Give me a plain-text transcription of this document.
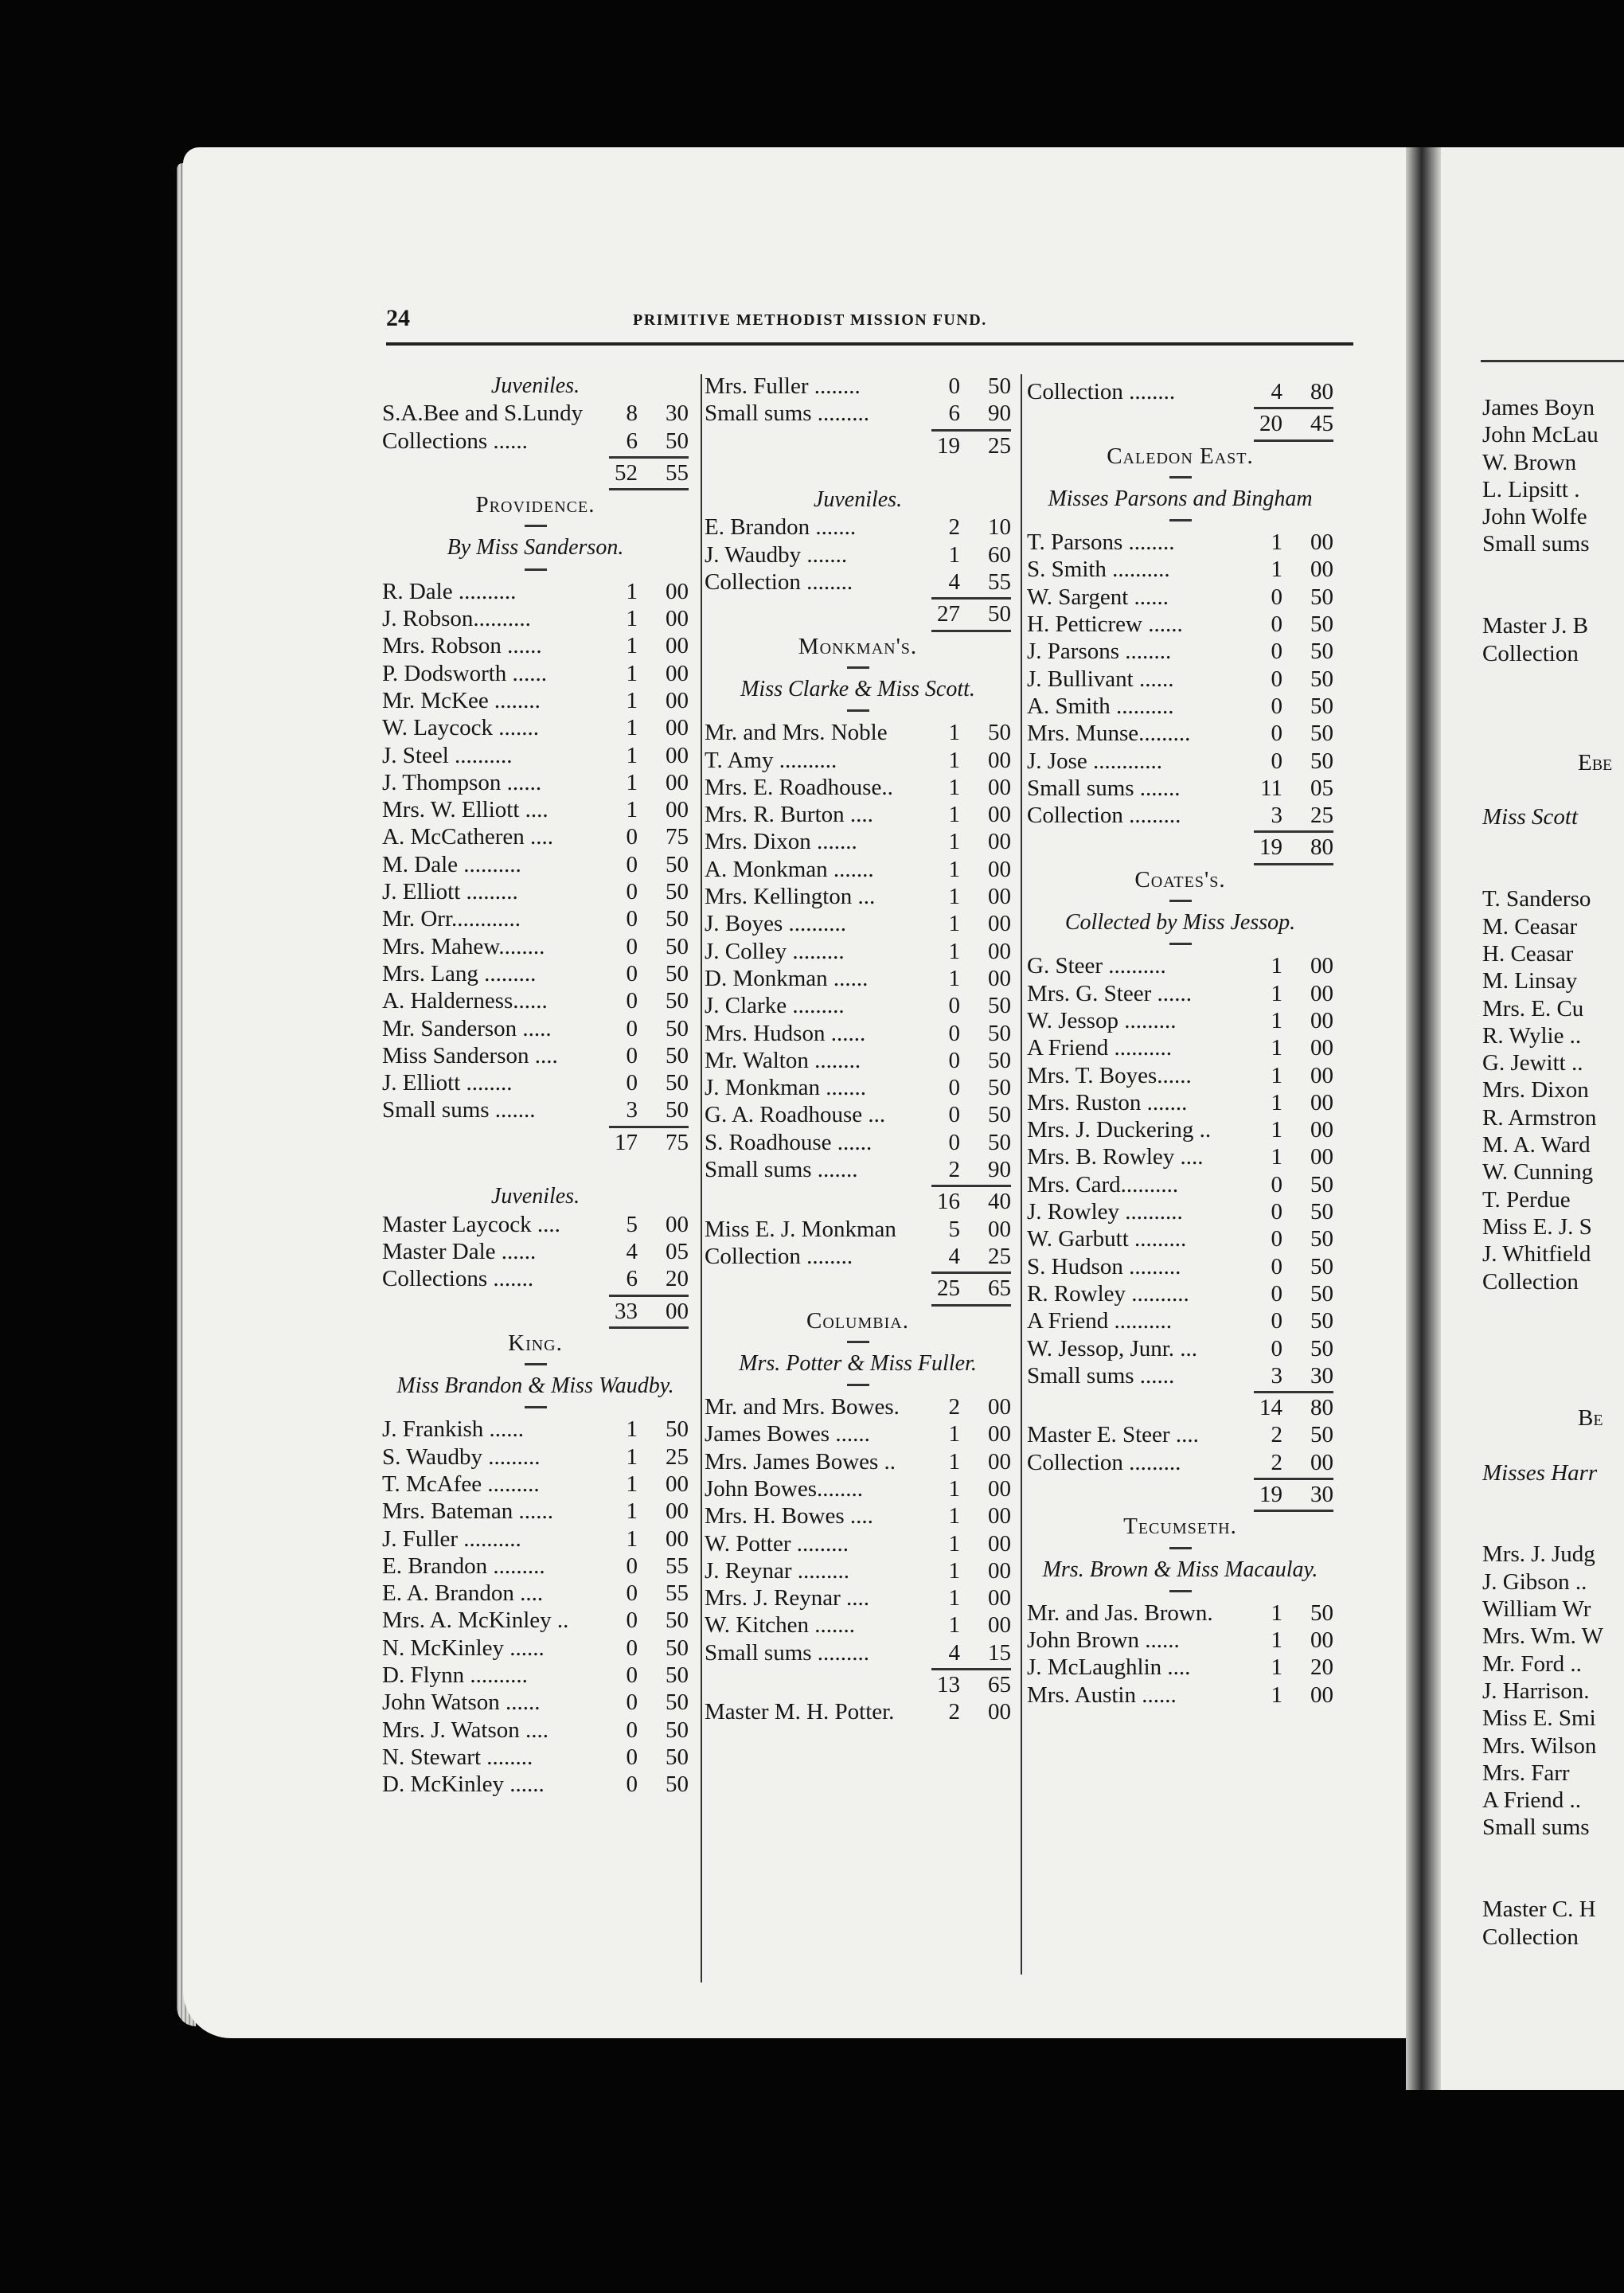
24	PRIMITIVE METHODIST MISSION FUND.
Juveniles.
S.A.Bee and S.Lundy	8	30
Collections ......	6	50
52	55
Providence.
By Miss Sanderson.
R. Dale ..........	1	00
J. Robson..........	1	00
Mrs. Robson ......	1	00
P. Dodsworth ......	1	00
Mr. McKee ........	1	00
W. Laycock .......	1	00
J. Steel ..........	1	00
J. Thompson ......	1	00
Mrs. W. Elliott ....	1	00
A. McCatheren ....	0	75
M. Dale ..........	0	50
J. Elliott .........	0	50
Mr. Orr............	0	50
Mrs. Mahew........	0	50
Mrs. Lang .........	0	50
A. Halderness......	0	50
Mr. Sanderson .....	0	50
Miss Sanderson ....	0	50
J. Elliott ........	0	50
Small sums .......	3	50
17	75
Juveniles.
Master Laycock ....	5	00
Master Dale ......	4	05
Collections .......	6	20
33	00
King.
Miss Brandon & Miss Waudby.
J. Frankish ......	1	50
S. Waudby .........	1	25
T. McAfee .........	1	00
Mrs. Bateman ......	1	00
J. Fuller ..........	1	00
E. Brandon .........	0	55
E. A. Brandon ....	0	55
Mrs. A. McKinley ..	0	50
N. McKinley ......	0	50
D. Flynn ..........	0	50
John Watson ......	0	50
Mrs. J. Watson ....	0	50
N. Stewart ........	0	50
D. McKinley ......	0	50
Mrs. Fuller ........	0	50
Small sums .........	6	90
19	25
Juveniles.
E. Brandon .......	2	10
J. Waudby .......	1	60
Collection ........	4	55
27	50
Monkman's.
Miss Clarke & Miss Scott.
Mr. and Mrs. Noble	1	50
T. Amy ..........	1	00
Mrs. E. Roadhouse..	1	00
Mrs. R. Burton ....	1	00
Mrs. Dixon .......	1	00
A. Monkman .......	1	00
Mrs. Kellington ...	1	00
J. Boyes ..........	1	00
J. Colley .........	1	00
D. Monkman ......	1	00
J. Clarke .........	0	50
Mrs. Hudson ......	0	50
Mr. Walton ........	0	50
J. Monkman .......	0	50
G. A. Roadhouse ...	0	50
S. Roadhouse ......	0	50
Small sums .......	2	90
16	40
Miss E. J. Monkman	5	00
Collection ........	4	25
25	65
Columbia.
Mrs. Potter & Miss Fuller.
Mr. and Mrs. Bowes.	2	00
James Bowes ......	1	00
Mrs. James Bowes ..	1	00
John Bowes........	1	00
Mrs. H. Bowes ....	1	00
W. Potter .........	1	00
J. Reynar .........	1	00
Mrs. J. Reynar ....	1	00
W. Kitchen .......	1	00
Small sums .........	4	15
13	65
Master M. H. Potter.	2	00
Collection ........	4	80
20	45
Caledon East.
Misses Parsons and Bingham
T. Parsons ........	1	00
S. Smith ..........	1	00
W. Sargent ......	0	50
H. Petticrew ......	0	50
J. Parsons ........	0	50
J. Bullivant ......	0	50
A. Smith ..........	0	50
Mrs. Munse.........	0	50
J. Jose ............	0	50
Small sums .......	11	05
Collection .........	3	25
19	80
Coates's.
Collected by Miss Jessop.
G. Steer ..........	1	00
Mrs. G. Steer ......	1	00
W. Jessop .........	1	00
A Friend ..........	1	00
Mrs. T. Boyes......	1	00
Mrs. Ruston .......	1	00
Mrs. J. Duckering ..	1	00
Mrs. B. Rowley ....	1	00
Mrs. Card..........	0	50
J. Rowley ..........	0	50
W. Garbutt .........	0	50
S. Hudson .........	0	50
R. Rowley ..........	0	50
A Friend ..........	0	50
W. Jessop, Junr. ...	0	50
Small sums ......	3	30
14	80
Master E. Steer ....	2	50
Collection .........	2	00
19	30
Tecumseth.
Mrs. Brown & Miss Macaulay.
Mr. and Jas. Brown.	1	50
John Brown ......	1	00
J. McLaughlin ....	1	20
Mrs. Austin ......	1	00
James Boyn
John McLau
W. Brown
L. Lipsitt .
John Wolfe
Small sums
Master J. B
Collection
Ebe
Miss Scott
T. Sanderso
M. Ceasar
H. Ceasar
M. Linsay
Mrs. E. Cu
R. Wylie ..
G. Jewitt ..
Mrs. Dixon
R. Armstron
M. A. Ward
W. Cunning
T. Perdue
Miss E. J. S
J. Whitfield
Collection
Be
Misses Harr
Mrs. J. Judg
J. Gibson ..
William Wr
Mrs. Wm. W
Mr. Ford ..
J. Harrison.
Miss E. Smi
Mrs. Wilson
Mrs. Farr
A Friend ..
Small sums
Master C. H
Collection
